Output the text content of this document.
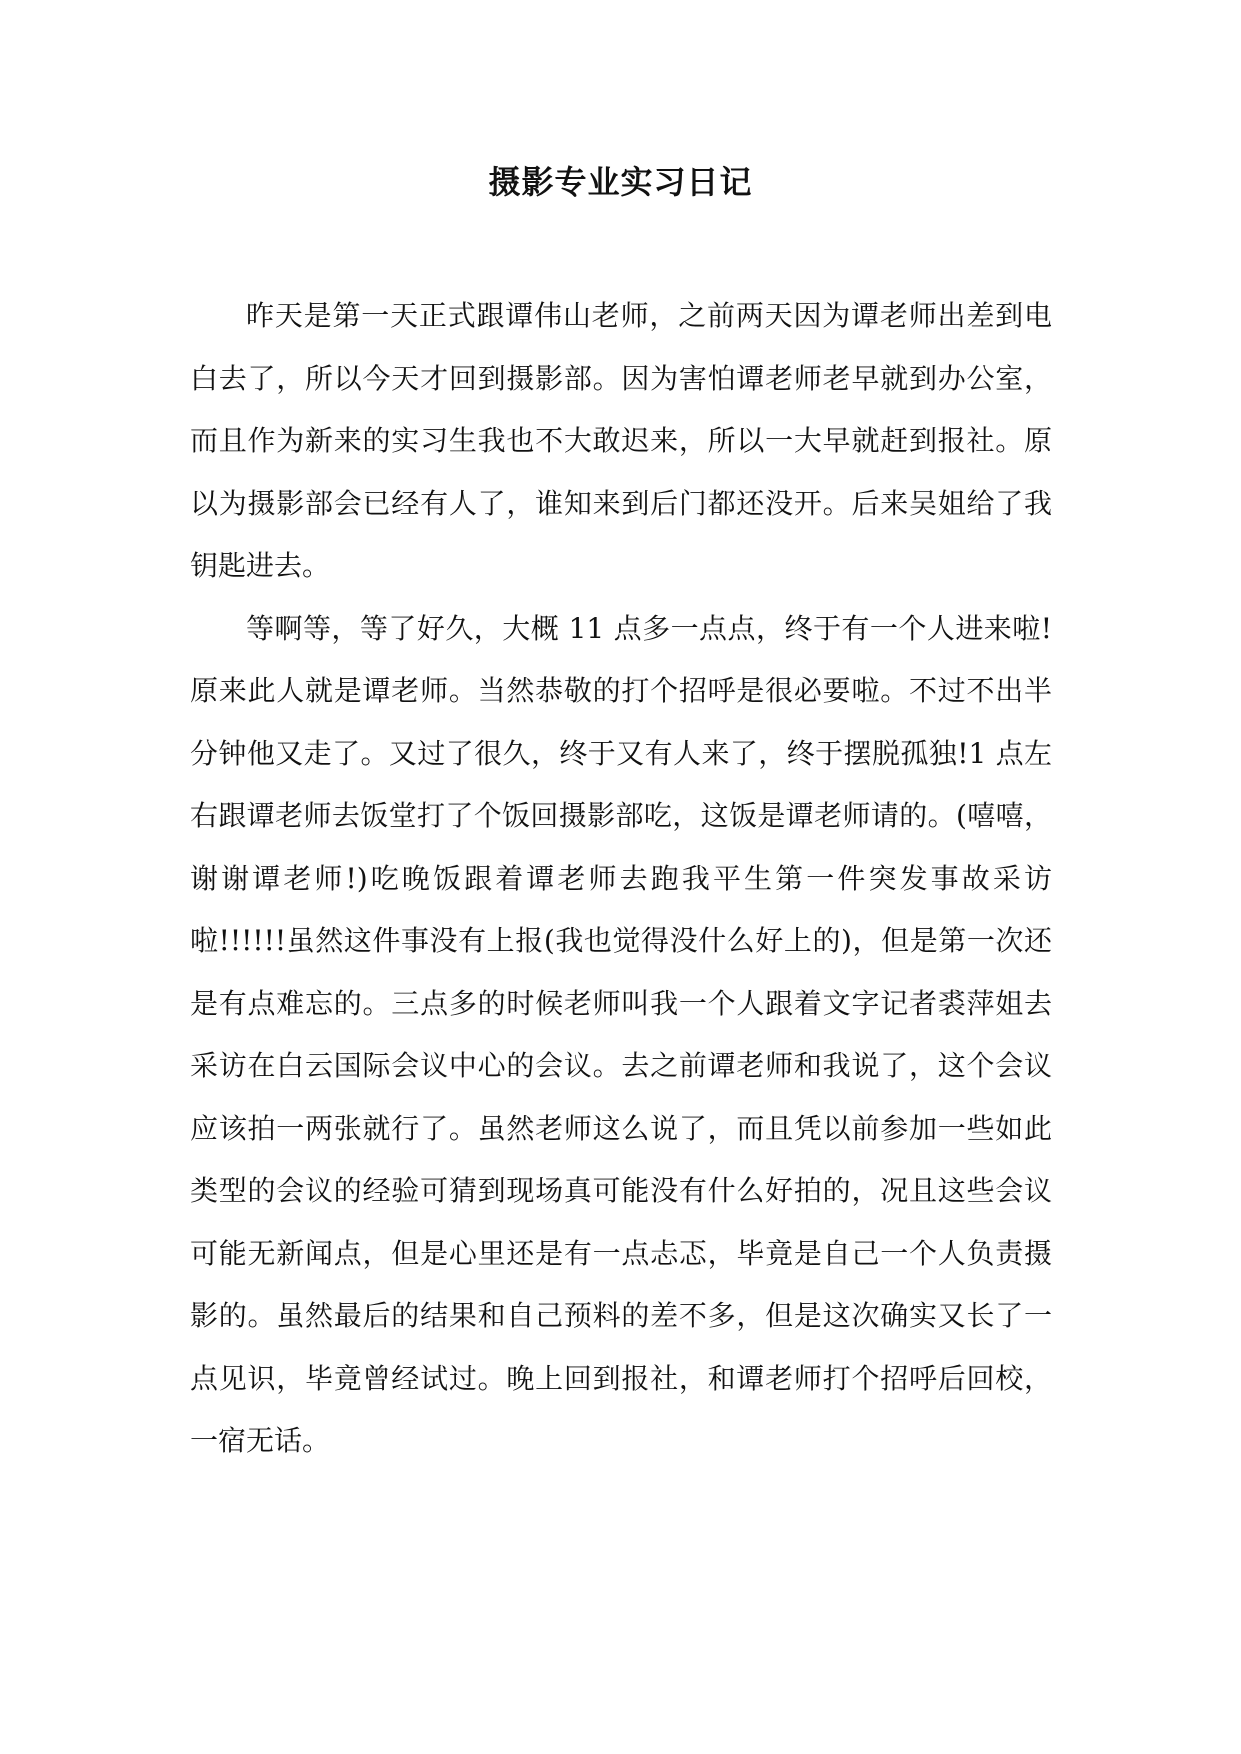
摄影专业实习日记

昨天是第一天正式跟谭伟山老师，之前两天因为谭老师出差到电白去了，所以今天才回到摄影部。因为害怕谭老师老早就到办公室，而且作为新来的实习生我也不大敢迟来，所以一大早就赶到报社。原以为摄影部会已经有人了，谁知来到后门都还没开。后来吴姐给了我钥匙进去。

等啊等，等了好久，大概 11 点多一点点，终于有一个人进来啦!原来此人就是谭老师。当然恭敬的打个招呼是很必要啦。不过不出半分钟他又走了。又过了很久，终于又有人来了，终于摆脱孤独!1 点左右跟谭老师去饭堂打了个饭回摄影部吃，这饭是谭老师请的。(嘻嘻，谢谢谭老师!)吃晚饭跟着谭老师去跑我平生第一件突发事故采访啦!!!!!!虽然这件事没有上报(我也觉得没什么好上的)，但是第一次还是有点难忘的。三点多的时候老师叫我一个人跟着文字记者裘萍姐去采访在白云国际会议中心的会议。去之前谭老师和我说了，这个会议应该拍一两张就行了。虽然老师这么说了，而且凭以前参加一些如此类型的会议的经验可猜到现场真可能没有什么好拍的，况且这些会议可能无新闻点，但是心里还是有一点忐忑，毕竟是自己一个人负责摄影的。虽然最后的结果和自己预料的差不多，但是这次确实又长了一点见识，毕竟曾经试过。晚上回到报社，和谭老师打个招呼后回校，一宿无话。
